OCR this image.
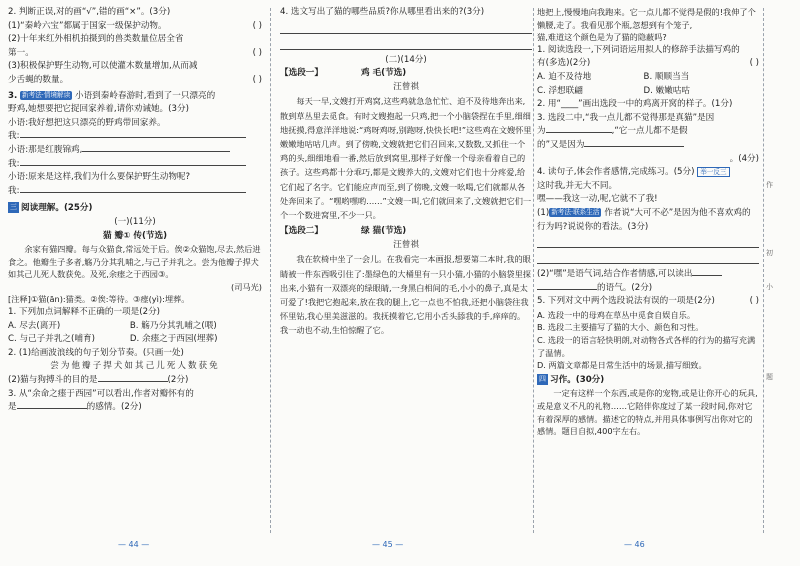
2. 判断正误,对的画“√”,错的画“×”。(3分)

(1)“秦岭六宝”都属于国家一级保护动物。	( )

(2)十年来红外相机拍摄到的兽类数量位居全省

第一。	( )

(3)积极保护野生动物,可以使灌木数量增加,从而减

少舌蝇的数量。	( )

3. 新考法·情境解读 小语到秦岭春游时,看到了一只漂亮的

野鸡,她想要把它捉回家养着,请你劝诫她。(3分)

小语:我好想把这只漂亮的野鸡带回家养。

我:

小语:那是红腹锦鸡,

我:

小语:原来是这样,我们为什么要保护野生动物呢?

我:

三 阅读理解。(25分)

(一)(11分)

猫 瓣① 传(节选)

余家有猫四瓣。每与众猫食,常远处于后。俟②众猫饱,尽去,然后进食之。他瓣生子多者,觞乃分其乳哺之,与己子并乳之。尝为他瓣子捍犬如其己儿死人数获免。及死,余瘗之于西园③。

(司马光)

[注释]①猫(ān):猫类。②俟:等待。③瘗(yì):埋葬。

1. 下列加点词解释不正确的一项是(2分)

A. 尽去(离开)	B. 觞乃分其乳哺之(喂)

C. 与己子并乳之(哺育)	D. 余瘗之于西园(埋葬)

2. (1)给画波浪线的句子划分节奏。(只画一处)

尝为他瓣子捍犬如其己儿死人数获免

(2)猫与狗搏斗的目的是	(2分)

3. 从“余命之瘗于西园”可以看出,作者对瓣怀有的

是	的感情。(2分)

4. 选文写出了猫的哪些品质?你从哪里看出来的?(3分)

(二)(14分)

【选段一】	鸡 毛(节选)

汪曾祺

每天一早,文嫂打开鸡窝,这些鸡就急急忙忙、迫不及待地奔出来,散到草丛里去觅食。有时文嫂抱起一只鸡,把一个小脑袋捏在手里,细细地抚摸,得意洋洋地说:“鸡呀鸡呀,别跑呀,快快长吧!”这些鸡在文嫂怀里嫩嫩地咕咕几声。到了傍晚,文嫂就把它们召回来,又数数,又抓住一个鸡的头,细细地看一番,然后放到窝里,那样子好像一个母亲看着自己的孩子。这些鸡都十分乖巧,都是文嫂养大的,文嫂对它们也十分疼爱,给它们起了名字。它们能应声而至,到了傍晚,文嫂一吆喝,它们就都从各处奔回来了。“嘿哟嘿哟……”文嫂一叫,它们就回来了,文嫂就把它们一个一个数进窝里,不少一只。

【选段二】	绿 猫(节选)

汪曾祺

我在软椅中坐了一会儿。在我看完一本画报,想要第二本时,我的眼睛被一件东西吸引住了:墨绿色的大桶里有一只小猫,小猫的小脑袋里探出来,小猫有一双漂亮的绿眼睛,一身黑白相间的毛,小小的鼻子,真是太可爱了!我把它抱起来,放在我的腿上,它一点也不怕我,还把小脑袋往我怀里钻,我心里美滋滋的。我抚摸着它,它用小舌头舔我的手,痒痒的。我一动也不动,生怕惊醒了它。

地把上,慢慢地向我跑来。它一点儿都不觉得是假的!我伸了个懒腰,走了。我看见那个瓶,忽想到有个笼子,

猫,难道这个颜色是为了猫的隐蔽吗?

1. 阅读选段一,下列词语运用拟人的修辞手法描写鸡的

有(多选)(2分)	( )

A. 迫不及待地	B. 顺顺当当

C. 浮想联翩	D. 嫩嫩咕咕

2. 用“____”画出选段一中的鸡离开窝的样子。(1分)

3. 选段二中,“我一点儿都不觉得那是真猫”是因

为	,“它一点儿都不是假

的”又是因为

。(4分)

4. 读句子,体会作者感情,完成练习。(5分) 举一反三

这时我,并无大不同。

嘿——我这一动,呢,它就不了我!

(1) 新考法·联系生活 作者说“大可不必”是因为他不喜欢鸡的行为吗?说说你的看法。(3分)

(2)“嘿”是语气词,结合作者情感,可以读出

的语气。(2分)

5. 下列对文中两个选段说法有误的一项是(2分)	( )

A. 选段一中的母鸡在草丛中觅食自娱自乐。

B. 选段二主要描写了猫的大小、颜色和习性。

C. 选段一的语言轻快明朗,对动物各式各样的行为的描写充满了温情。

D. 两篇文章都是日常生活中的场景,描写细致。

四 习作。(30分)

一定有这样一个东西,或是你的宠物,或是让你开心的玩具,或是意义不凡的礼物……它陪伴你度过了某一段时间,你对它有着深厚的感情。描述它的特点,并用具体事例写出你对它的感情。题目自拟,400字左右。

— 44 —	— 45 —	— 46
作
初
小
题
